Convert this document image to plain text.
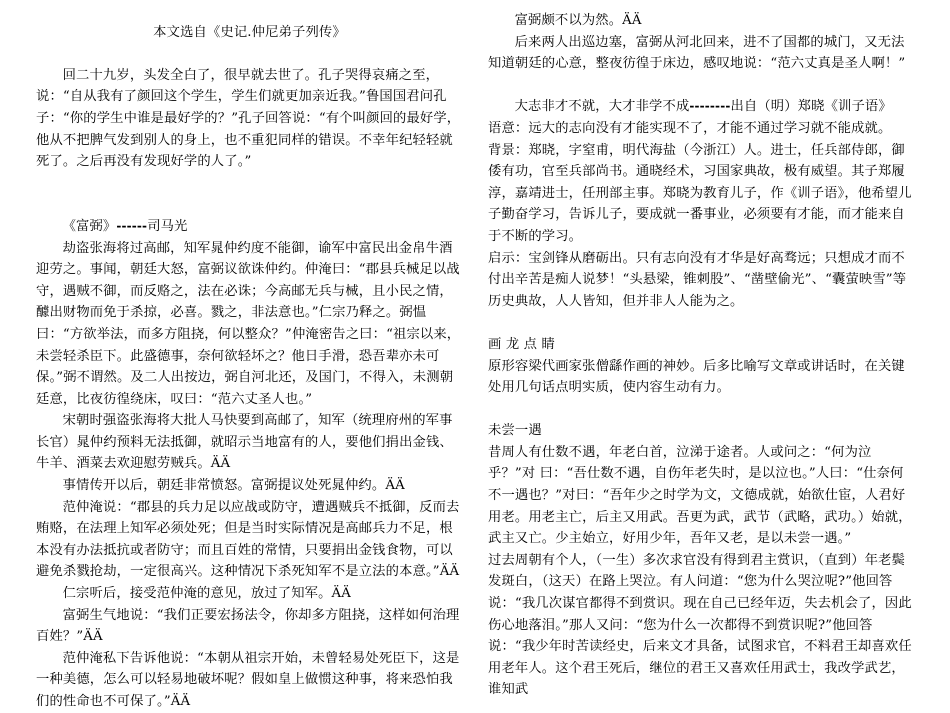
本文选自《史记.仲尼弟子列传》

回二十九岁，头发全白了，很早就去世了。孔子哭得哀痛之至，说：“自从我有了颜回这个学生，学生们就更加亲近我。”鲁国国君问孔子：“你的学生中谁是最好学的？”孔子回答说：“有个叫颜回的最好学，他从不把脾气发到别人的身上，也不重犯同样的错误。不幸年纪轻轻就死了。之后再没有发现好学的人了。”

《富弼》------司马光

劫盗张海将过高邮，知军晁仲约度不能御，谕军中富民出金帛牛酒迎劳之。事闻，朝廷大怒，富弼议欲诛仲约。仲淹曰：“郡县兵械足以战守，遇贼不御，而反赂之，法在必诛；今高邮无兵与械，且小民之情，醵出财物而免于杀掠，必喜。戮之，非法意也。”仁宗乃释之。弼愠曰：“方欲举法，而多方阻挠，何以整众？”仲淹密告之曰：“祖宗以来，未尝轻杀臣下。此盛德事，奈何欲轻坏之？他日手滑，恐吾辈亦未可保。”弼不谓然。及二人出按边，弼自河北还，及国门，不得入，未测朝廷意，比夜彷徨绕床，叹曰：“范六丈圣人也。”

宋朝时强盗张海将大批人马快要到高邮了，知军（统理府州的军事长官）晁仲约预料无法抵御，就昭示当地富有的人，要他们捐出金钱、牛羊、酒菜去欢迎慰劳贼兵。ÄÄ

事情传开以后，朝廷非常愤怒。富弼提议处死晁仲约。ÄÄ

范仲淹说：“郡县的兵力足以应战或防守，遭遇贼兵不抵御，反而去贿赂，在法理上知军必须处死；但是当时实际情况是高邮兵力不足，根本没有办法抵抗或者防守；而且百姓的常情，只要捐出金钱食物，可以避免杀戮抢劫，一定很高兴。这种情况下杀死知军不是立法的本意。”ÄÄ

仁宗听后，接受范仲淹的意见，放过了知军。ÄÄ

富弼生气地说：“我们正要宏扬法令，你却多方阻挠，这样如何治理百姓？”ÄÄ

范仲淹私下告诉他说：“本朝从祖宗开始，未曾轻易处死臣下，这是一种美德，怎么可以轻易地破坏呢？假如皇上做惯这种事，将来恐怕我们的性命也不可保了。”ÄÄ

富弼颇不以为然。ÄÄ

后来两人出巡边塞，富弼从河北回来，进不了国都的城门，又无法知道朝廷的心意，整夜彷徨于床边，感叹地说：“范六丈真是圣人啊！”

大志非才不就，大才非学不成--------出自（明）郑晓《训子语》

语意：远大的志向没有才能实现不了，才能不通过学习就不能成就。

背景：郑晓，字窒甫，明代海盐（今浙江）人。进士，任兵部侍郎，御倭有功，官至兵部尚书。通晓经术，习国家典故，极有威望。其子郑履淳，嘉靖进士，任刑部主事。郑晓为教育儿子，作《训子语》，他希望儿子勤奋学习，告诉儿子，要成就一番事业，必须要有才能，而才能来自于不断的学习。

启示：宝剑锋从磨砺出。只有志向没有才华是好高骛远；只想成才而不付出辛苦是痴人说梦！“头悬梁，锥刺股”、“凿壁偷光”、“囊萤映雪”等历史典故，人人皆知，但并非人人能为之。

画 龙 点 睛

原形容梁代画家张僧繇作画的神妙。后多比喻写文章或讲话时，在关键处用几句话点明实质，使内容生动有力。

未尝一遇

昔周人有仕数不遇，年老白首，泣涕于途者。人或问之：“何为泣乎？”对 曰：“吾仕数不遇，自伤年老失时，是以泣也。”人曰：“仕奈何不一遇也？”对曰：“吾年少之时学为文，文德成就，始欲仕宦，人君好用老。用老主亡，后主又用武。吾更为武，武节（武略，武功。）始就，武主又亡。少主始立，好用少年，吾年又老，是以未尝一遇。”

过去周朝有个人，（一生）多次求官没有得到君主赏识，（直到）年老鬓发斑白，（这天）在路上哭泣。有人问道：“您为什么哭泣呢?”他回答说：“我几次谋官都得不到赏识。现在自己已经年迈，失去机会了，因此伤心地落泪。”那人又问：“您为什么一次都得不到赏识呢?”他回答说：“我少年时苦读经史，后来文才具备，试图求官，不料君王却喜欢任用老年人。这个君王死后，继位的君王又喜欢任用武士，我改学武艺，谁知武
